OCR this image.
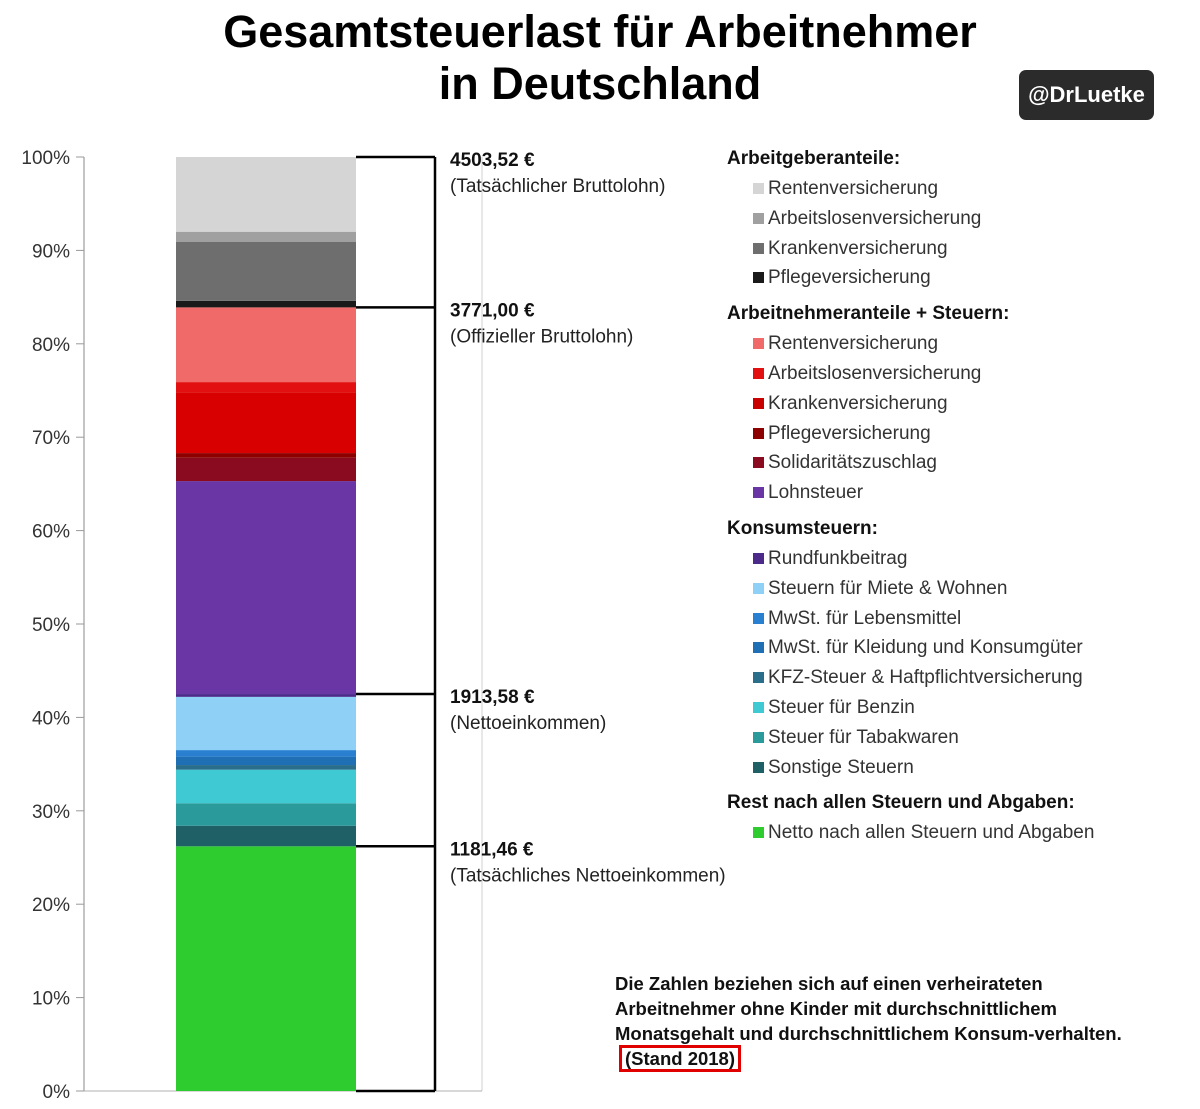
Gesamtsteuerlast für Arbeitnehmer
in Deutschland	@DrLuetke
0%
10%
20%
30%
40%
50%
60%
70%
80%
90%
100%	4503,52 €
(Tatsächlicher Bruttolohn)
3771,00 €
(Offizieller Bruttolohn)
1913,58 €
(Nettoeinkommen)
1181,46 €
(Tatsächliches Nettoeinkommen)
Arbeitgeberanteile:
Rentenversicherung
Arbeitslosenversicherung
Krankenversicherung
Pflegeversicherung
Arbeitnehmeranteile + Steuern:
Rentenversicherung
Arbeitslosenversicherung
Krankenversicherung
Pflegeversicherung
Solidaritätszuschlag
Lohnsteuer
Konsumsteuern:
Rundfunkbeitrag
Steuern für Miete & Wohnen
MwSt. für Lebensmittel
MwSt. für Kleidung und Konsumgüter
KFZ-Steuer & Haftpflichtversicherung
Steuer für Benzin
Steuer für Tabakwaren
Sonstige Steuern
Rest nach allen Steuern und Abgaben:
Netto nach allen Steuern und Abgaben
Die Zahlen beziehen sich auf einen verheirateten Arbeitnehmer ohne Kinder mit durchschnittlichem Monatsgehalt und durchschnittlichem Konsum-verhalten. (Stand 2018)
